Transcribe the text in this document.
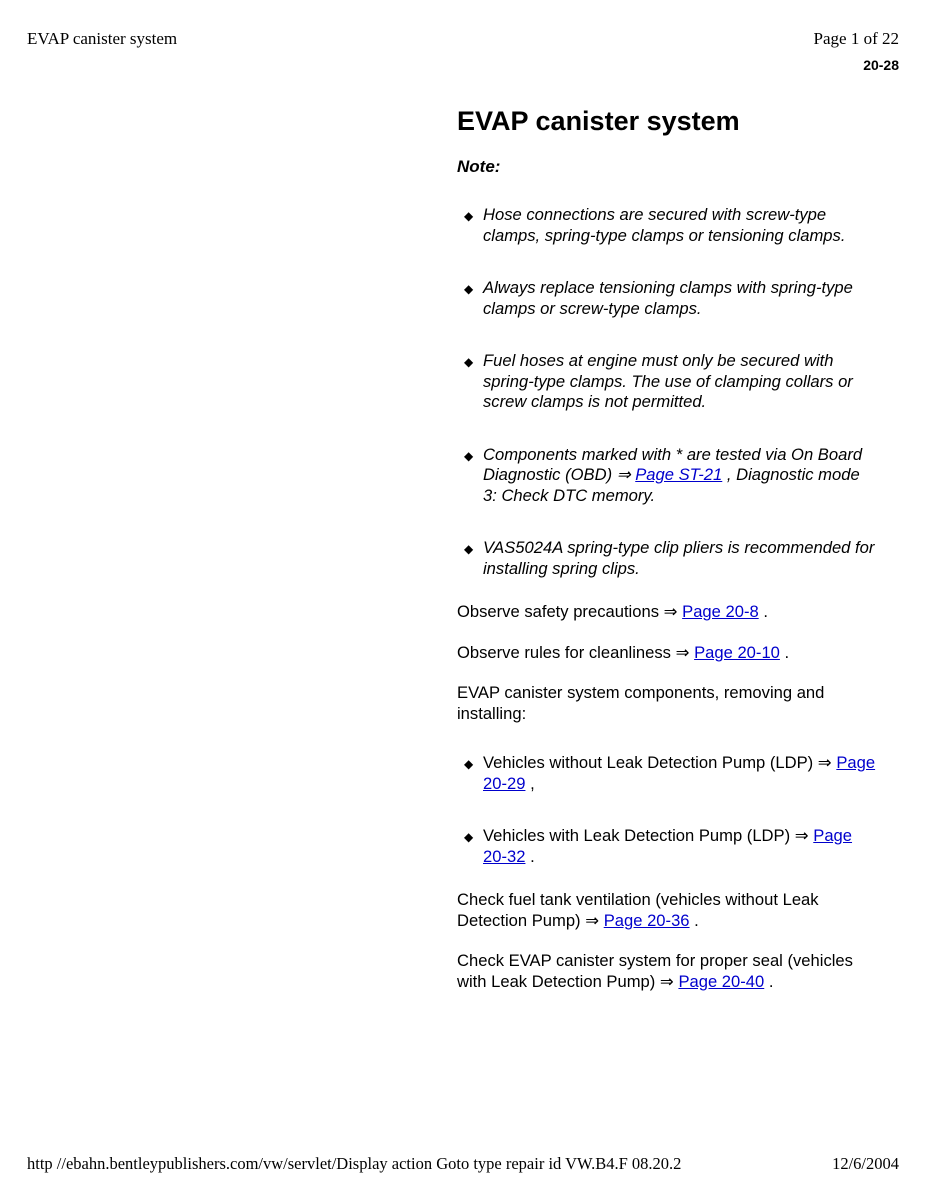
EVAP canister system	Page 1 of 22
20-28
EVAP canister system
Note:
◆ Hose connections are secured with screw-type clamps, spring-type clamps or tensioning clamps.
◆ Always replace tensioning clamps with spring-type clamps or screw-type clamps.
◆ Fuel hoses at engine must only be secured with spring-type clamps. The use of clamping collars or screw clamps is not permitted.
◆ Components marked with * are tested via On Board Diagnostic (OBD) ⇒ Page ST-21 , Diagnostic mode 3: Check DTC memory.
◆ VAS5024A spring-type clip pliers is recommended for installing spring clips.

Observe safety precautions ⇒ Page 20-8 .

Observe rules for cleanliness ⇒ Page 20-10 .

EVAP canister system components, removing and installing:

◆ Vehicles without Leak Detection Pump (LDP) ⇒ Page 20-29 ,
◆ Vehicles with Leak Detection Pump (LDP) ⇒ Page 20-32 .

Check fuel tank ventilation (vehicles without Leak Detection Pump) ⇒ Page 20-36 .

Check EVAP canister system for proper seal (vehicles with Leak Detection Pump) ⇒ Page 20-40 .

http //ebahn.bentleypublishers.com/vw/servlet/Display action Goto type repair id VW.B4.F 08.20.2	12/6/2004
